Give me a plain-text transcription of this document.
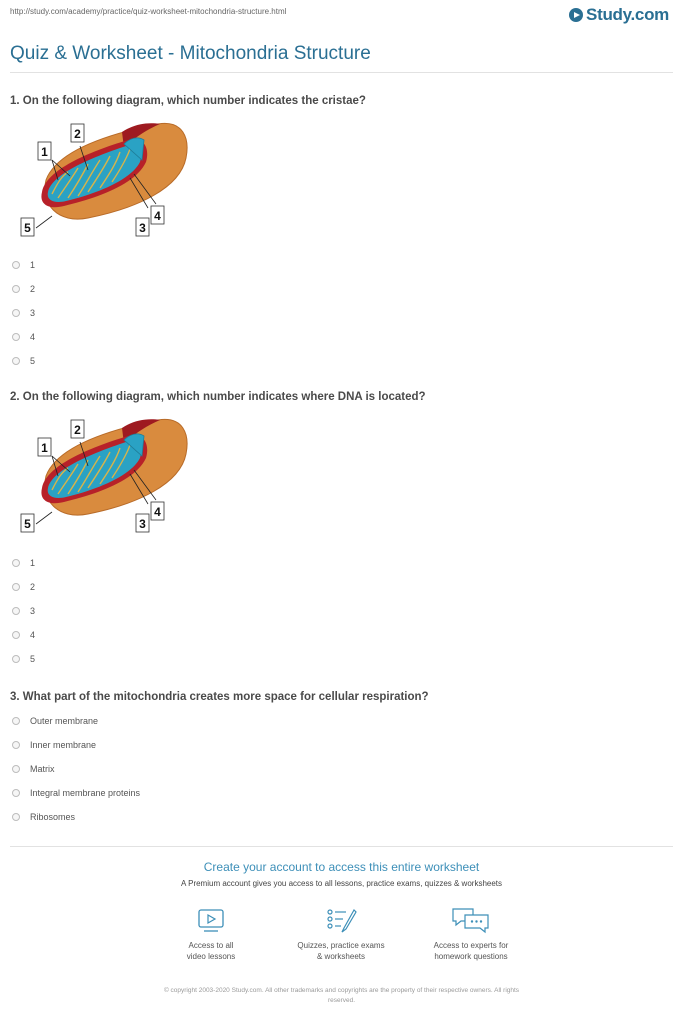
http://study.com/academy/practice/quiz-worksheet-mitochondria-structure.html	Study.com
Quiz & Worksheet - Mitochondria Structure
1. On the following diagram, which number indicates the cristae?
1
2
3
4
5
1
2
3
4
5
2. On the following diagram, which number indicates where DNA is located?
1
2
3
4
5
1
2
3
4
5
3. What part of the mitochondria creates more space for cellular respiration?
Outer membrane
Inner membrane
Matrix
Integral membrane proteins
Ribosomes
Create your account to access this entire worksheet
A Premium account gives you access to all lessons, practice exams, quizzes & worksheets
Access to all
video lessons
Quizzes, practice exams
& worksheets
Access to experts for
homework questions
© copyright 2003-2020 Study.com. All other trademarks and copyrights are the property of their respective owners. All rights
reserved.
